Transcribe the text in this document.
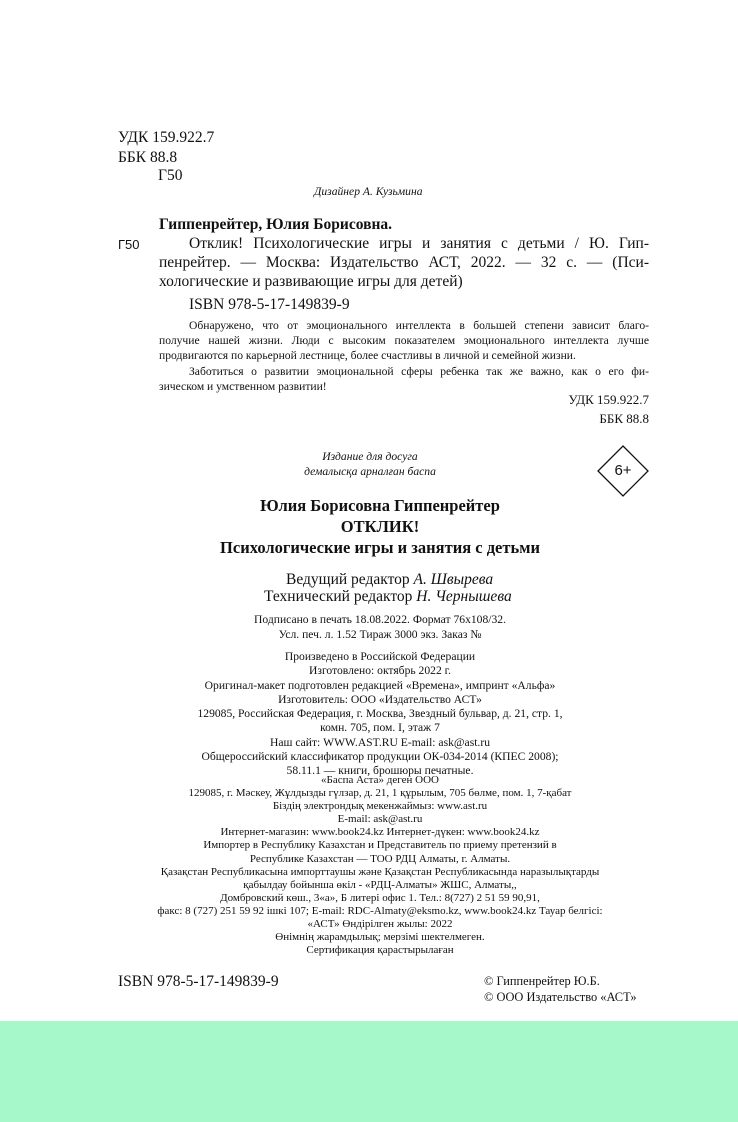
УДК 159.922.7
ББК 88.8
Г50
Дизайнер А. Кузьмина
Гиппенрейтер, Юлия Борисовна.
Г50	Отклик! Психологические игры и занятия с детьми / Ю. Гип-
пенрейтер. — Москва: Издательство АСТ, 2022. — 32 с. — (Пси-
хологические и развивающие игры для детей)
ISBN 978-5-17-149839-9
Обнаружено, что от эмоционального интеллекта в большей степени зависит благо-
получие нашей жизни. Люди с высоким показателем эмоционального интеллекта лучше
продвигаются по карьерной лестнице, более счастливы в личной и семейной жизни.
Заботиться о развитии эмоциональной сферы ребенка так же важно, как о его фи-
зическом и умственном развитии!
УДК 159.922.7
ББК 88.8
Издание для досуга
демалысқа арналған баспа	6+
Юлия Борисовна Гиппенрейтер
ОТКЛИК!
Психологические игры и занятия с детьми
Ведущий редактор А. Швырева
Технический редактор Н. Чернышева
Подписано в печать 18.08.2022. Формат 76x108/32.
Усл. печ. л. 1.52 Тираж 3000 экз. Заказ №
Произведено в Российской Федерации
Изготовлено: октябрь 2022 г.
Оригинал-макет подготовлен редакцией «Времена», импринт «Альфа»
Изготовитель: ООО «Издательство АСТ»
129085, Российская Федерация, г. Москва, Звездный бульвар, д. 21, стр. 1,
комн. 705, пом. I, этаж 7
Наш сайт: WWW.AST.RU E-mail: ask@ast.ru
Общероссийский классификатор продукции ОК-034-2014 (КПЕС 2008);
58.11.1 — книги, брошюры печатные.
«Баспа Аста» деген ООО
129085, г. Мәскеу, Жұлдызды гүлзар, д. 21, 1 құрылым, 705 бөлме, пом. 1, 7-қабат
Біздің электрондық мекенжаймыз: www.ast.ru
E-mail: ask@ast.ru
Интернет-магазин: www.book24.kz Интернет-дүкен: www.book24.kz
Импортер в Республику Казахстан и Представитель по приему претензий в
Республике Казахстан — ТОО РДЦ Алматы, г. Алматы.
Қазақстан Республикасына импорттаушы және Қазақстан Республикасында наразылықтарды
қабылдау бойынша өкіл - «РДЦ-Алматы» ЖШС, Алматы,,
Домбровский көш., 3«а», Б литері офис 1. Тел.: 8(727) 2 51 59 90,91,
факс: 8 (727) 251 59 92 ішкі 107; E-mail: RDC-Almaty@eksmo.kz, www.book24.kz Тауар белгісі:
«АСТ» Өндірілген жылы: 2022
Өнімнің жарамдылық; мерзімі шектелмеген.
Сертификация қарастырылаған
ISBN 978-5-17-149839-9	© Гиппенрейтер Ю.Б.
© ООО Издательство «АСТ»
